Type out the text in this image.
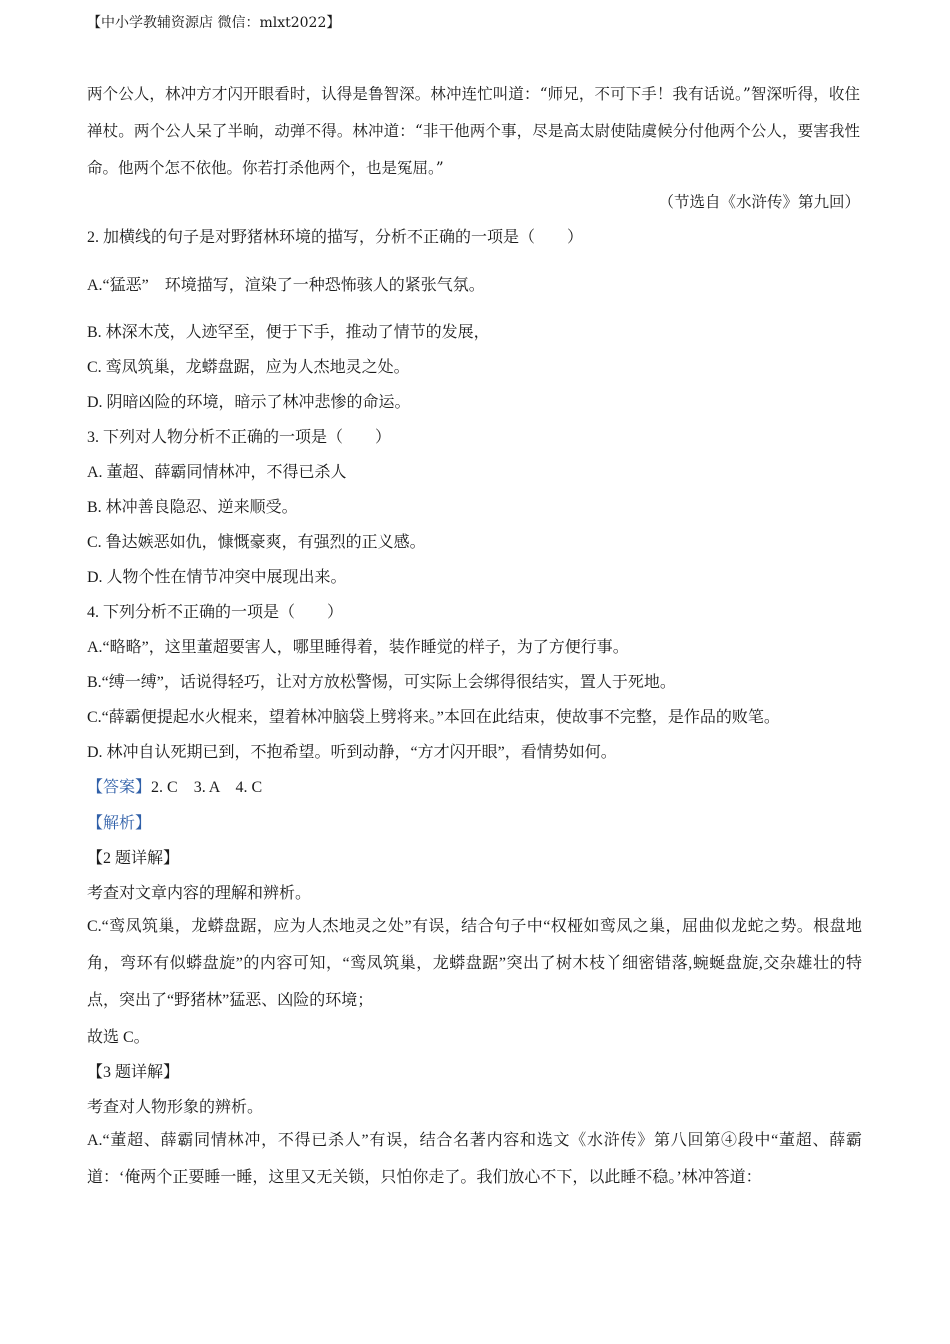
【中小学教辅资源店 微信：mlxt2022】
两个公人，林冲方才闪开眼看时，认得是鲁智深。林冲连忙叫道：“师兄，不可下手！我有话说。”智深听得，收住禅杖。两个公人呆了半晌，动弹不得。林冲道：“非干他两个事，尽是高太尉使陆虞候分付他两个公人，要害我性命。他两个怎不依他。你若打杀他两个，也是冤屈。”
（节选自《水浒传》第九回）
2. 加横线的句子是对野猪林环境的描写，分析不正确的一项是（　　）
A.“猛恶”　环境描写，渲染了一种恐怖骇人的紧张气氛。
B. 林深木茂，人迹罕至，便于下手，推动了情节的发展，
C. 鸾凤筑巢，龙蟒盘踞，应为人杰地灵之处。
D. 阴暗凶险的环境，暗示了林冲悲惨的命运。
3. 下列对人物分析不正确的一项是（　　）
A. 董超、薛霸同情林冲，不得已杀人
B. 林冲善良隐忍、逆来顺受。
C. 鲁达嫉恶如仇，慷慨豪爽，有强烈的正义感。
D. 人物个性在情节冲突中展现出来。
4. 下列分析不正确的一项是（　　）
A.“略略”，这里董超要害人，哪里睡得着，装作睡觉的样子，为了方便行事。
B.“缚一缚”，话说得轻巧，让对方放松警惕，可实际上会绑得很结实，置人于死地。
C.“薛霸便提起水火棍来，望着林冲脑袋上劈将来。”本回在此结束，使故事不完整，是作品的败笔。
D. 林冲自认死期已到，不抱希望。听到动静，“方才闪开眼”，看情势如何。
【答案】2. C　3. A　4. C
【解析】
【2 题详解】
考查对文章内容的理解和辨析。
C.“鸾凤筑巢，龙蟒盘踞，应为人杰地灵之处”有误，结合句子中“权桠如鸾凤之巢，屈曲似龙蛇之势。根盘地角，弯环有似蟒盘旋”的内容可知，“鸾凤筑巢，龙蟒盘踞”突出了树木枝丫细密错落,蜿蜒盘旋,交杂雄壮的特点，突出了“野猪林”猛恶、凶险的环境；
故选 C。
【3 题详解】
考查对人物形象的辨析。
A.“董超、薛霸同情林冲，不得已杀人”有误，结合名著内容和选文《水浒传》第八回第④段中“董超、薛霸道：‘俺两个正要睡一睡，这里又无关锁，只怕你走了。我们放心不下，以此睡不稳。’林冲答道：
